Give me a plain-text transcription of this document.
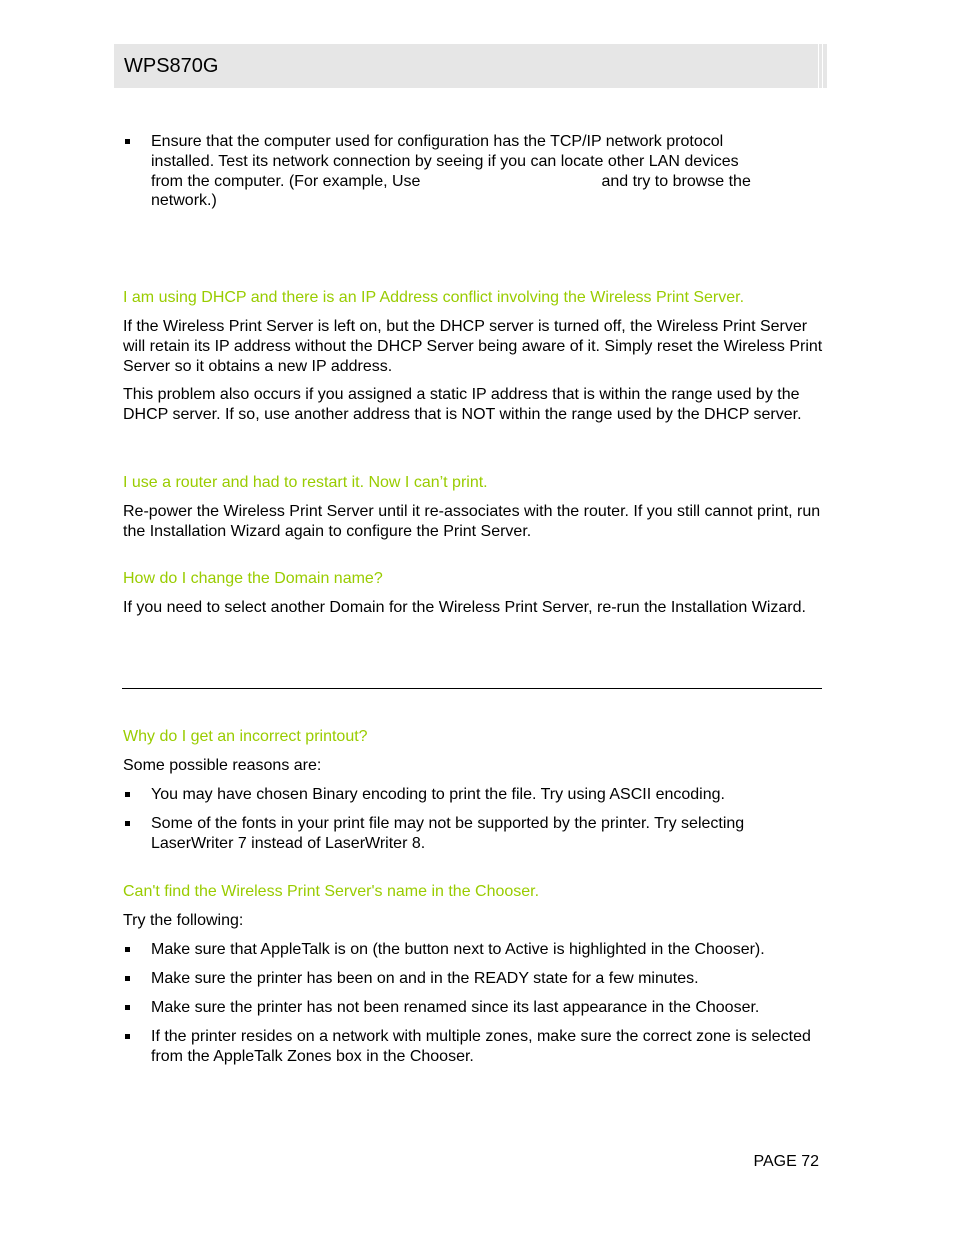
WPS870G
Ensure that the computer used for configuration has the TCP/IP network protocol
installed. Test its network connection by seeing if you can locate other LAN devices
from the computer. (For example, Use	and try to browse the
network.)
I am using DHCP and there is an IP Address conflict involving the Wireless Print Server.
If the Wireless Print Server is left on, but the DHCP server is turned off, the Wireless Print Server will retain its IP address without the DHCP Server being aware of it. Simply reset the Wireless Print Server so it obtains a new IP address.
This problem also occurs if you assigned a static IP address that is within the range used by the DHCP server. If so, use another address that is NOT within the range used by the DHCP server.
I use a router and had to restart it. Now I can’t print.
Re-power the Wireless Print Server until it re-associates with the router. If you still cannot print, run the Installation Wizard again to configure the Print Server.
How do I change the Domain name?
If you need to select another Domain for the Wireless Print Server, re-run the Installation Wizard.
Why do I get an incorrect printout?
Some possible reasons are:
You may have chosen Binary encoding to print the file. Try using ASCII encoding.
Some of the fonts in your print file may not be supported by the printer. Try selecting LaserWriter 7 instead of LaserWriter 8.
Can't find the Wireless Print Server's name in the Chooser.
Try the following:
Make sure that AppleTalk is on (the button next to Active is highlighted in the Chooser).
Make sure the printer has been on and in the READY state for a few minutes.
Make sure the printer has not been renamed since its last appearance in the Chooser.
If the printer resides on a network with multiple zones, make sure the correct zone is selected from the AppleTalk Zones box in the Chooser.
PAGE 72
